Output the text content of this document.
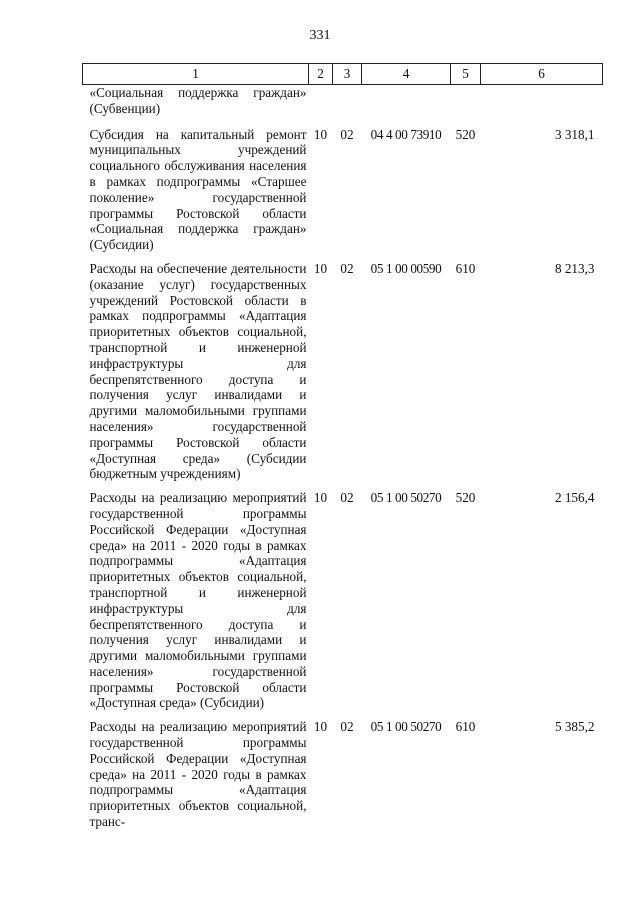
331
1	2	3	4	5	6
«Социальная поддержка граждан» (Субвенции)					
Субсидия на капитальный ремонт муниципальных учреждений социального обслуживания населения в рамках подпрограммы «Старшее поколение» государственной программы Ростовской области «Социальная поддержка граждан» (Субсидии)	10	02	04 4 00 73910	520	3 318,1
Расходы на обеспечение деятельности (оказание услуг) государственных учреждений Ростовской области в рамках подпрограммы «Адаптация приоритетных объектов социальной, транспортной и инженерной инфраструктуры для беспрепятственного доступа и получения услуг инвалидами и другими маломобильными группами населения» государственной программы Ростовской области «Доступная среда» (Субсидии бюджетным учреждениям)	10	02	05 1 00 00590	610	8 213,3
Расходы на реализацию мероприятий государственной программы Российской Федерации «Доступная среда» на 2011 - 2020 годы в рамках подпрограммы «Адаптация приоритетных объектов социальной, транспортной и инженерной инфраструктуры для беспрепятственного доступа и получения услуг инвалидами и другими маломобильными группами населения» государственной программы Ростовской области «Доступная среда» (Субсидии)	10	02	05 1 00 50270	520	2 156,4
Расходы на реализацию мероприятий государственной программы Российской Федерации «Доступная среда» на 2011 - 2020 годы в рамках подпрограммы «Адаптация приоритетных объектов социальной, транс-	10	02	05 1 00 50270	610	5 385,2
